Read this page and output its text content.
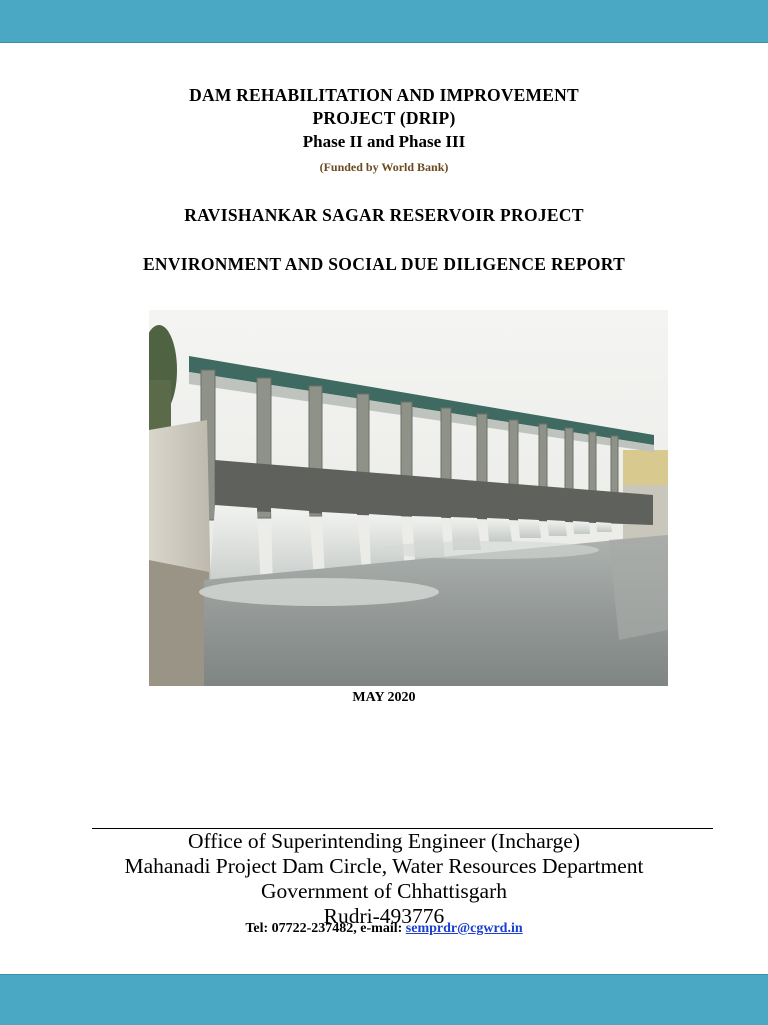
DAM REHABILITATION AND IMPROVEMENT
PROJECT (DRIP)
Phase II and Phase III
(Funded by World Bank)
RAVISHANKAR SAGAR RESERVOIR PROJECT
ENVIRONMENT AND SOCIAL DUE DILIGENCE REPORT
MAY 2020
Office of Superintending Engineer (Incharge)
Mahanadi Project Dam Circle, Water Resources Department
Government of Chhattisgarh
Rudri-493776
Tel: 07722-237482, e-mail: semprdr@cgwrd.in
